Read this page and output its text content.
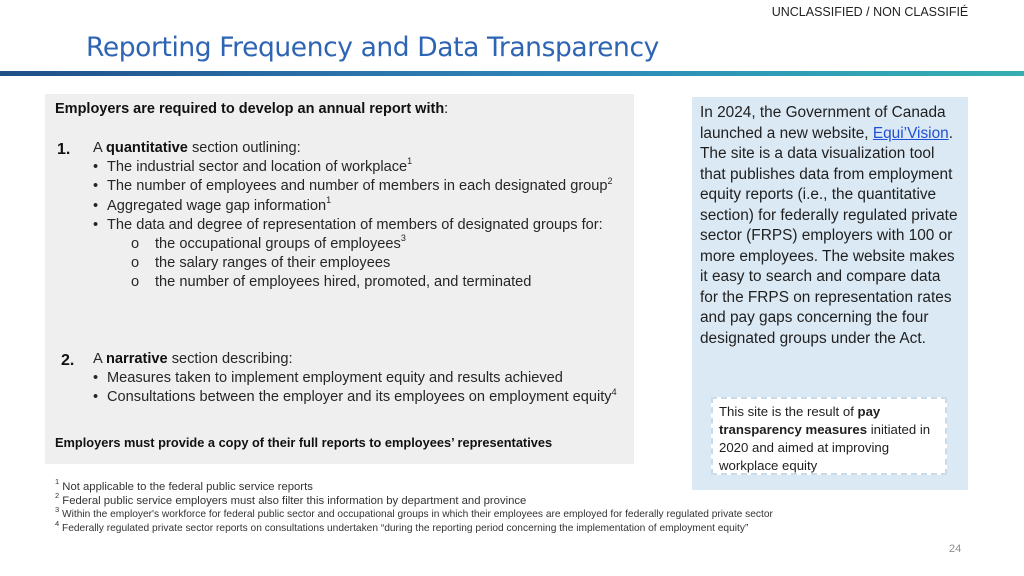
UNCLASSIFIED / NON CLASSIFIÉ
Reporting Frequency and Data Transparency
Employers are required to develop an annual report with:
1. A quantitative section outlining:
• The industrial sector and location of workplace$^1$
• The number of employees and number of members in each designated group$^2$
• Aggregated wage gap information$^1$
• The data and degree of representation of members of designated groups for:
o the occupational groups of employees$^3$
o the salary ranges of their employees
o the number of employees hired, promoted, and terminated
2. A narrative section describing:
• Measures taken to implement employment equity and results achieved
• Consultations between the employer and its employees on employment equity$^4$
Employers must provide a copy of their full reports to employees’ representatives
In 2024, the Government of Canada launched a new website, Equi’Vision. The site is a data visualization tool that publishes data from employment equity reports (i.e., the quantitative section) for federally regulated private sector (FRPS) employers with 100 or more employees. The website makes it easy to search and compare data for the FRPS on representation rates and pay gaps concerning the four designated groups under the Act.
This site is the result of pay transparency measures initiated in 2020 and aimed at improving workplace equity
$^1$ Not applicable to the federal public service reports
$^2$ Federal public service employers must also filter this information by department and province
$^3$ Within the employer's workforce for federal public sector and occupational groups in which their employees are employed for federally regulated private sector
$^4$ Federally regulated private sector reports on consultations undertaken “during the reporting period concerning the implementation of employment equity”
24
